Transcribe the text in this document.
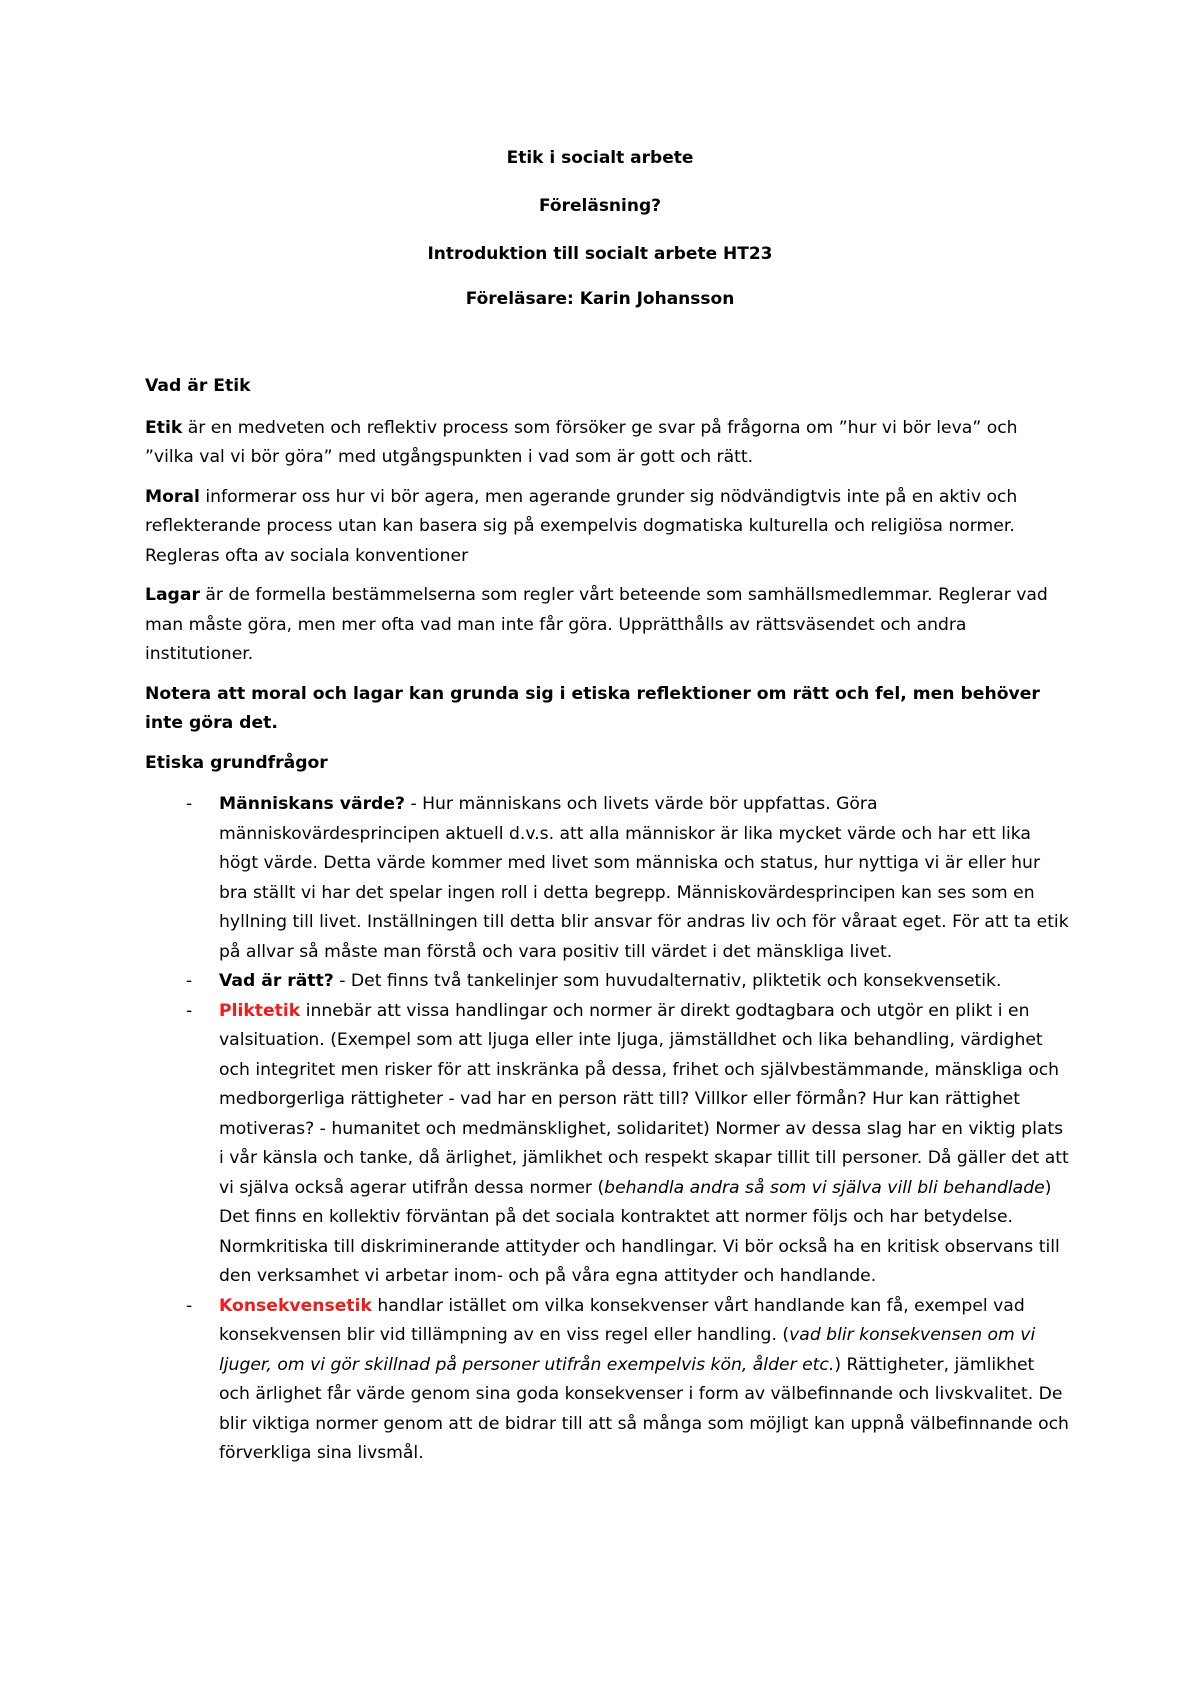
Etik i socialt arbete
Föreläsning?
Introduktion till socialt arbete HT23
Föreläsare: Karin Johansson

Vad är Etik

Etik är en medveten och reflektiv process som försöker ge svar på frågorna om ”hur vi bör leva” och ”vilka val vi bör göra” med utgångspunkten i vad som är gott och rätt.

Moral informerar oss hur vi bör agera, men agerande grunder sig nödvändigtvis inte på en aktiv och reflekterande process utan kan basera sig på exempelvis dogmatiska kulturella och religiösa normer. Regleras ofta av sociala konventioner

Lagar är de formella bestämmelserna som regler vårt beteende som samhällsmedlemmar. Reglerar vad man måste göra, men mer ofta vad man inte får göra. Upprätthålls av rättsväsendet och andra institutioner.

Notera att moral och lagar kan grunda sig i etiska reflektioner om rätt och fel, men behöver inte göra det.

Etiska grundfrågor

- Människans värde? - Hur människans och livets värde bör uppfattas. Göra människovärdesprincipen aktuell d.v.s. att alla människor är lika mycket värde och har ett lika högt värde. Detta värde kommer med livet som människa och status, hur nyttiga vi är eller hur bra ställt vi har det spelar ingen roll i detta begrepp. Människovärdesprincipen kan ses som en hyllning till livet. Inställningen till detta blir ansvar för andras liv och för våraat eget. För att ta etik på allvar så måste man förstå och vara positiv till värdet i det mänskliga livet.
- Vad är rätt? - Det finns två tankelinjer som huvudalternativ, pliktetik och konsekvensetik.
- Pliktetik innebär att vissa handlingar och normer är direkt godtagbara och utgör en plikt i en valsituation. (Exempel som att ljuga eller inte ljuga, jämställdhet och lika behandling, värdighet och integritet men risker för att inskränka på dessa, frihet och självbestämmande, mänskliga och medborgerliga rättigheter - vad har en person rätt till? Villkor eller förmån? Hur kan rättighet motiveras? - humanitet och medmänsklighet, solidaritet) Normer av dessa slag har en viktig plats i vår känsla och tanke, då ärlighet, jämlikhet och respekt skapar tillit till personer. Då gäller det att vi själva också agerar utifrån dessa normer (behandla andra så som vi själva vill bli behandlade) Det finns en kollektiv förväntan på det sociala kontraktet att normer följs och har betydelse. Normkritiska till diskriminerande attityder och handlingar. Vi bör också ha en kritisk observans till den verksamhet vi arbetar inom- och på våra egna attityder och handlande.
- Konsekvensetik handlar istället om vilka konsekvenser vårt handlande kan få, exempel vad konsekvensen blir vid tillämpning av en viss regel eller handling. (vad blir konsekvensen om vi ljuger, om vi gör skillnad på personer utifrån exempelvis kön, ålder etc.) Rättigheter, jämlikhet och ärlighet får värde genom sina goda konsekvenser i form av välbefinnande och livskvalitet. De blir viktiga normer genom att de bidrar till att så många som möjligt kan uppnå välbefinnande och förverkliga sina livsmål.
